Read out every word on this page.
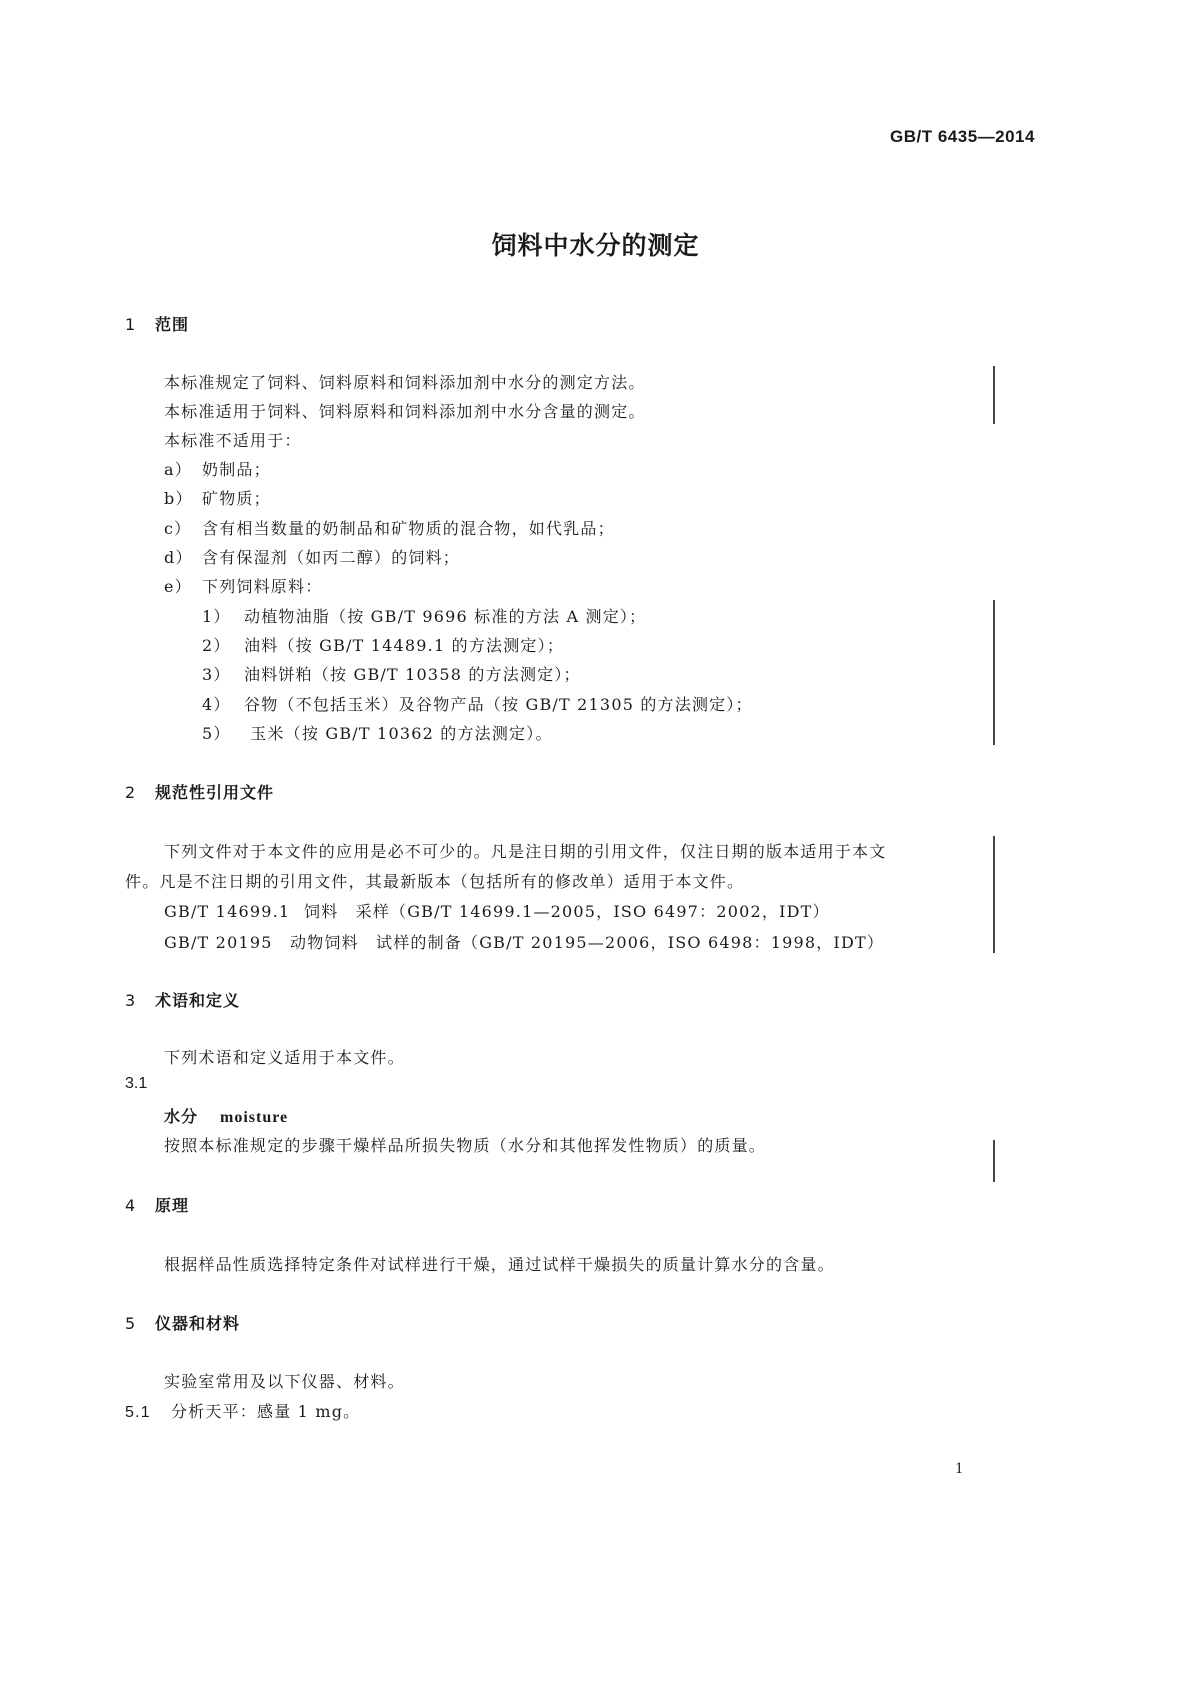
GB/T 6435—2014
饲料中水分的测定
1 范围
本标准规定了饲料、饲料原料和饲料添加剂中水分的测定方法。
本标准适用于饲料、饲料原料和饲料添加剂中水分含量的测定。
本标准不适用于：
a） 奶制品；
b） 矿物质；
c） 含有相当数量的奶制品和矿物质的混合物，如代乳品；
d） 含有保湿剂（如丙二醇）的饲料；
e） 下列饲料原料：
1） 动植物油脂（按 GB/T 9696 标准的方法 A 测定）；
2） 油料（按 GB/T 14489.1 的方法测定）；
3） 油料饼粕（按 GB/T 10358 的方法测定）；
4） 谷物（不包括玉米）及谷物产品（按 GB/T 21305 的方法测定）；
5） 玉米（按 GB/T 10362 的方法测定）。
2 规范性引用文件
下列文件对于本文件的应用是必不可少的。凡是注日期的引用文件，仅注日期的版本适用于本文
件。凡是不注日期的引用文件，其最新版本（包括所有的修改单）适用于本文件。
GB/T 14699.1 饲料　采样（GB/T 14699.1—2005，ISO 6497：2002，IDT）
GB/T 20195 动物饲料　试样的制备（GB/T 20195—2006，ISO 6498：1998，IDT）
3 术语和定义
下列术语和定义适用于本文件。
3.1
水分 moisture
按照本标准规定的步骤干燥样品所损失物质（水分和其他挥发性物质）的质量。
4 原理
根据样品性质选择特定条件对试样进行干燥，通过试样干燥损失的质量计算水分的含量。
5 仪器和材料
实验室常用及以下仪器、材料。
5.1 分析天平：感量 1 mg。
1
